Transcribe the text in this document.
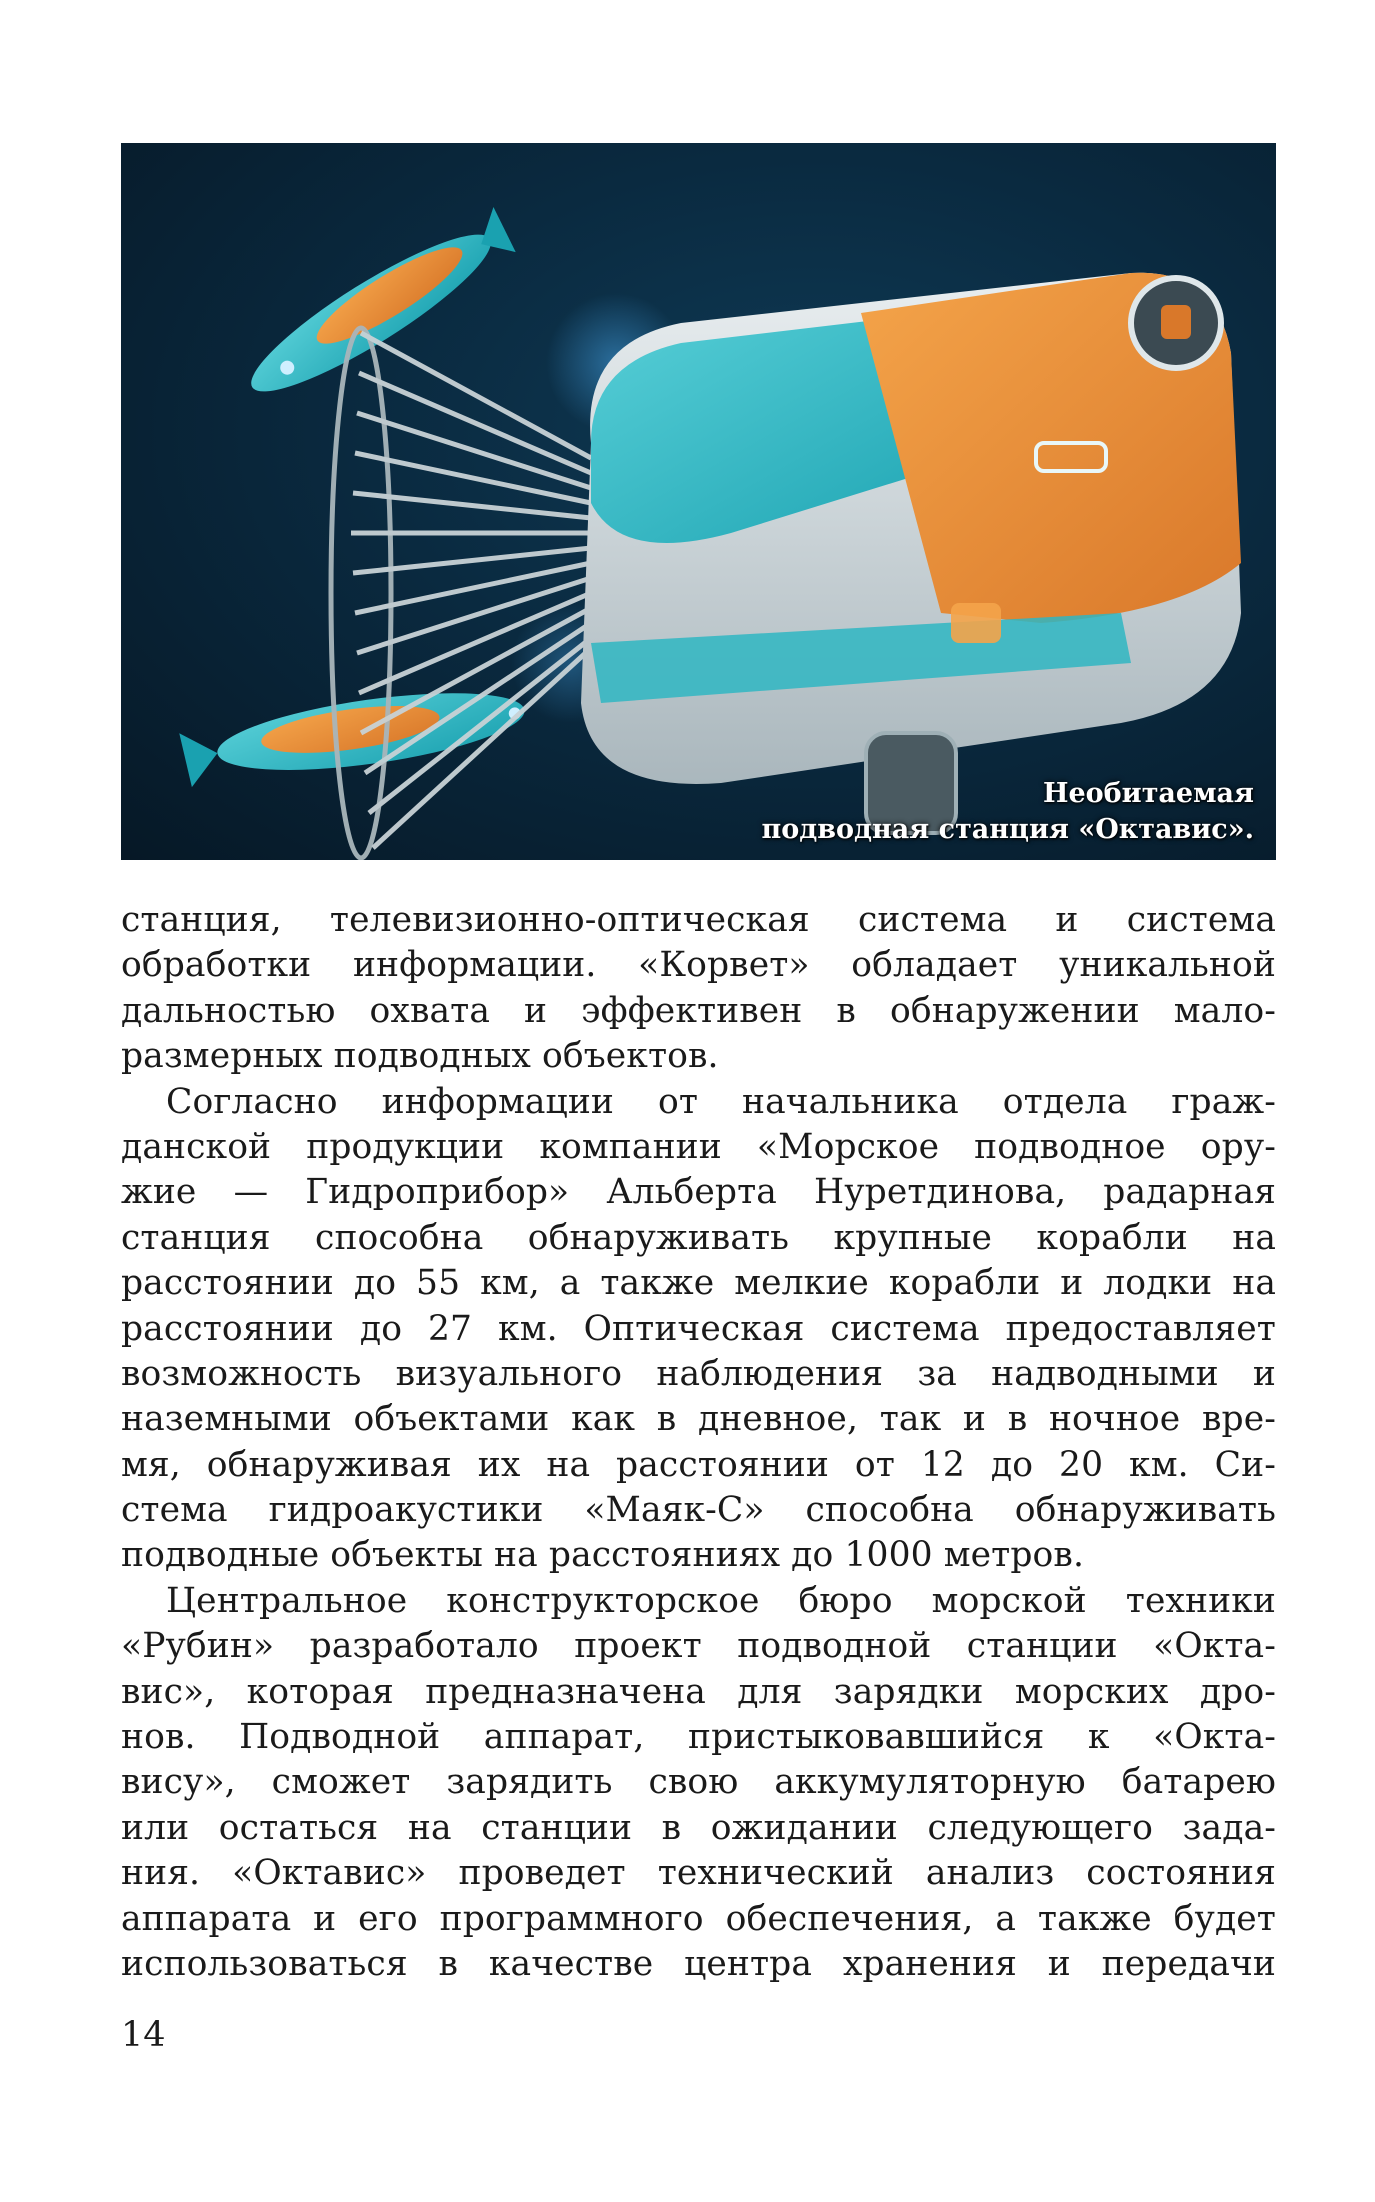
Необитаемая
подводная станция «Октавис».

станция, телевизионно-оптическая система и система
обработки информации. «Корвет» обладает уникальной
дальностью охвата и эффективен в обнаружении мало-
размерных подводных объектов.

Согласно информации от начальника отдела граж-
данской продукции компании «Морское подводное ору-
жие — Гидроприбор» Альберта Нуретдинова, радарная
станция способна обнаруживать крупные корабли на
расстоянии до 55 км, а также мелкие корабли и лодки на
расстоянии до 27 км. Оптическая система предоставляет
возможность визуального наблюдения за надводными и
наземными объектами как в дневное, так и в ночное вре-
мя, обнаруживая их на расстоянии от 12 до 20 км. Си-
стема гидроакустики «Маяк-С» способна обнаруживать
подводные объекты на расстояниях до 1000 метров.

Центральное конструкторское бюро морской техники
«Рубин» разработало проект подводной станции «Окта-
вис», которая предназначена для зарядки морских дро-
нов. Подводной аппарат, пристыковавшийся к «Окта-
вису», сможет зарядить свою аккумуляторную батарею
или остаться на станции в ожидании следующего зада-
ния. «Октавис» проведет технический анализ состояния
аппарата и его программного обеспечения, а также будет
использоваться в качестве центра хранения и передачи

14
